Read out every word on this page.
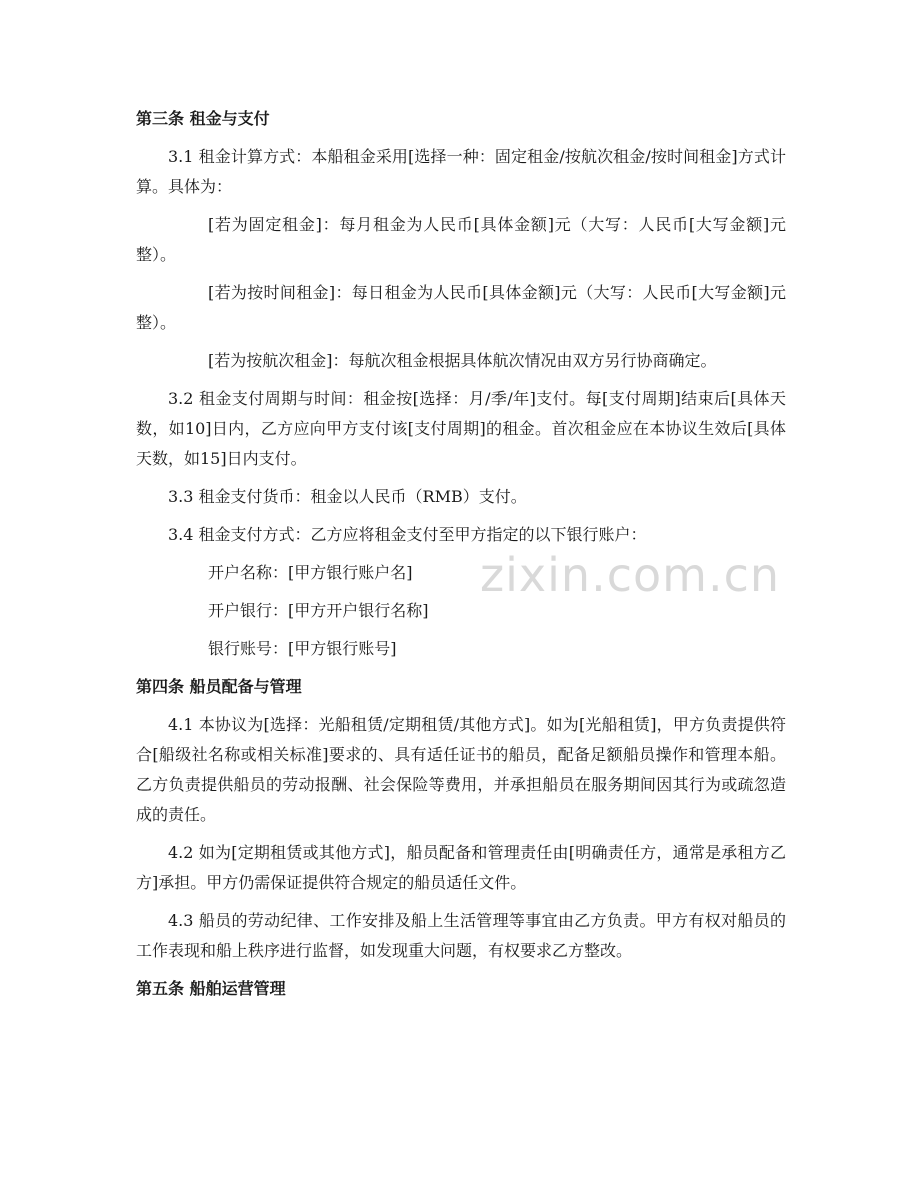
zixin.com.cn
第三条 租金与支付

3.1 租金计算方式：本船租金采用[选择一种：固定租金/按航次租金/按时间租金]方式计算。具体为：

[若为固定租金]：每月租金为人民币[具体金额]元（大写：人民币[大写金额]元整）。

[若为按时间租金]：每日租金为人民币[具体金额]元（大写：人民币[大写金额]元整）。

[若为按航次租金]：每航次租金根据具体航次情况由双方另行协商确定。

3.2 租金支付周期与时间：租金按[选择：月/季/年]支付。每[支付周期]结束后[具体天数，如10]日内，乙方应向甲方支付该[支付周期]的租金。首次租金应在本协议生效后[具体天数，如15]日内支付。

3.3 租金支付货币：租金以人民币（RMB）支付。

3.4 租金支付方式：乙方应将租金支付至甲方指定的以下银行账户：

开户名称：[甲方银行账户名]
开户银行：[甲方开户银行名称]
银行账号：[甲方银行账号]
第四条 船员配备与管理

4.1 本协议为[选择：光船租赁/定期租赁/其他方式]。如为[光船租赁]，甲方负责提供符合[船级社名称或相关标准]要求的、具有适任证书的船员，配备足额船员操作和管理本船。乙方负责提供船员的劳动报酬、社会保险等费用，并承担船员在服务期间因其行为或疏忽造成的责任。

4.2 如为[定期租赁或其他方式]，船员配备和管理责任由[明确责任方，通常是承租方乙方]承担。甲方仍需保证提供符合规定的船员适任文件。

4.3 船员的劳动纪律、工作安排及船上生活管理等事宜由乙方负责。甲方有权对船员的工作表现和船上秩序进行监督，如发现重大问题，有权要求乙方整改。

第五条 船舶运营管理
